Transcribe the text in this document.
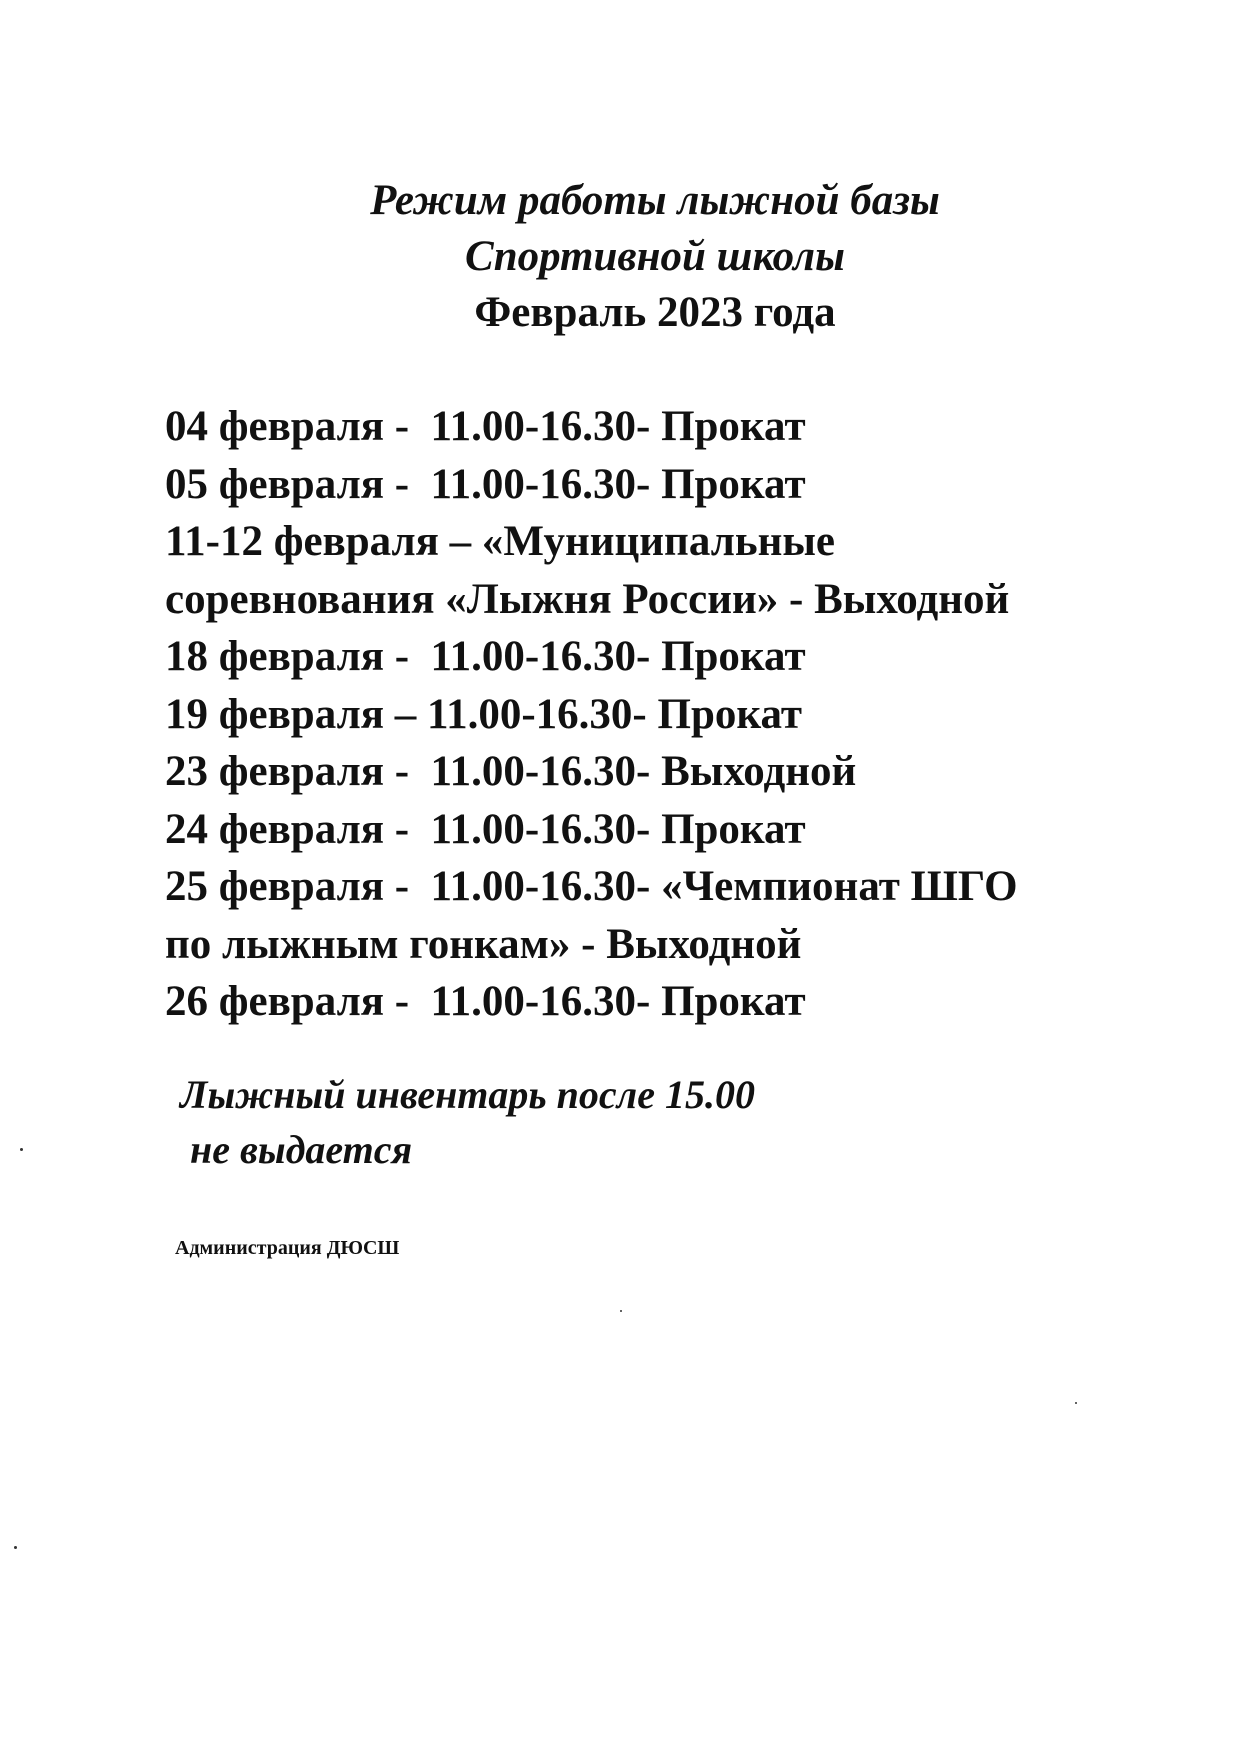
Режим работы лыжной базы
Спортивной школы
Февраль 2023 года
04 февраля -  11.00-16.30- Прокат
05 февраля -  11.00-16.30- Прокат
11-12 февраля – «Муниципальные
соревнования «Лыжня России» - Выходной
18 февраля -  11.00-16.30- Прокат
19 февраля – 11.00-16.30- Прокат
23 февраля -  11.00-16.30- Выходной
24 февраля -  11.00-16.30- Прокат
25 февраля -  11.00-16.30- «Чемпионат ШГО
по лыжным гонкам» - Выходной
26 февраля -  11.00-16.30- Прокат
Лыжный инвентарь после 15.00
не выдается
Администрация ДЮСШ
